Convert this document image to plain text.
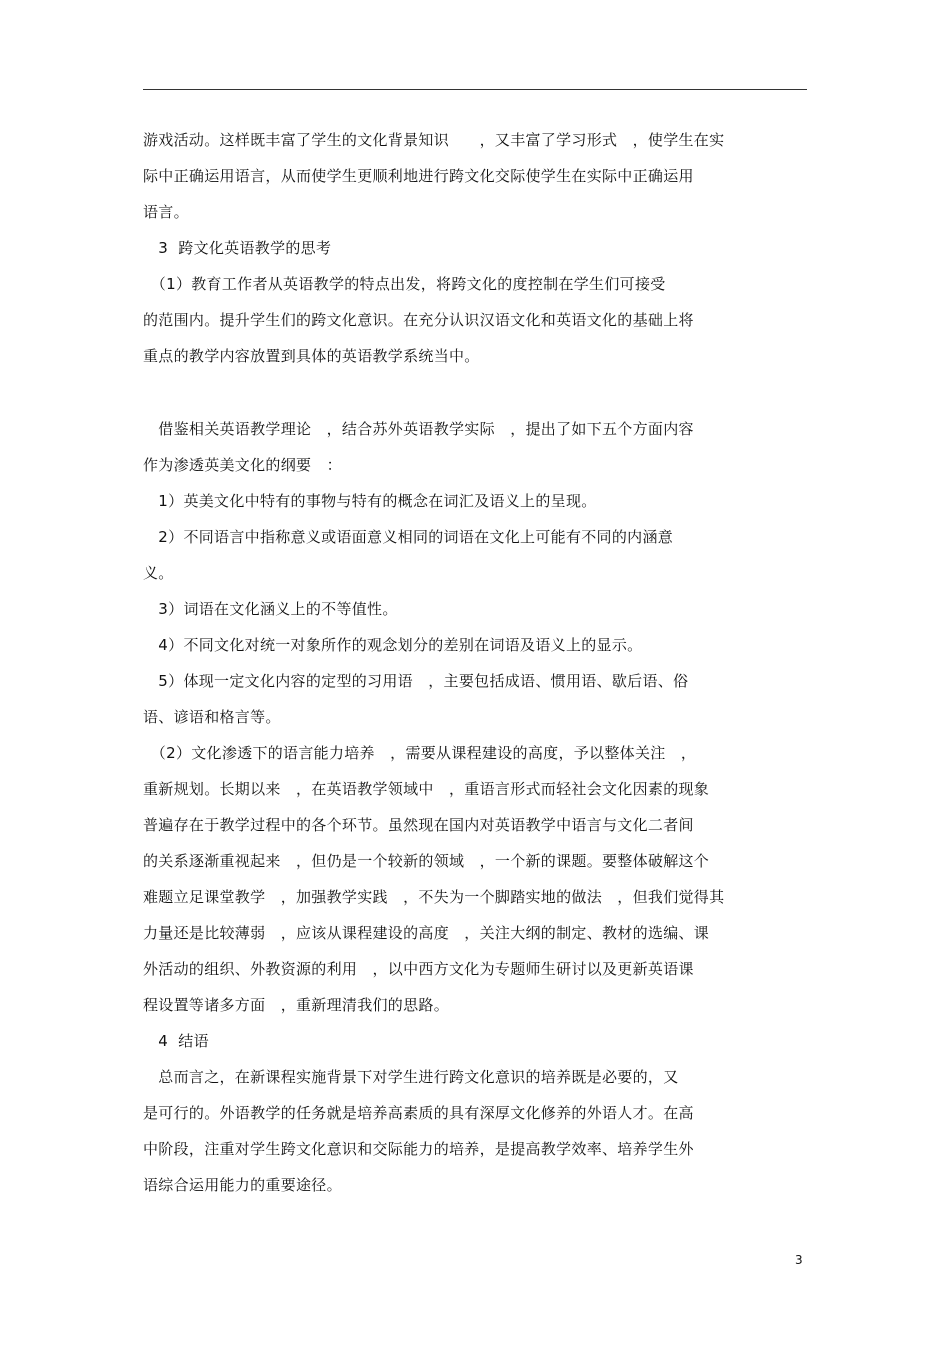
游戏活动。这样既丰富了学生的文化背景知识　　，又丰富了学习形式　，使学生在实
际中正确运用语言，从而使学生更顺利地进行跨文化交际使学生在实际中正确运用
语言。
　3  跨文化英语教学的思考
　（1）教育工作者从英语教学的特点出发，将跨文化的度控制在学生们可接受
的范围内。提升学生们的跨文化意识。在充分认识汉语文化和英语文化的基础上将
重点的教学内容放置到具体的英语教学系统当中。
　借鉴相关英语教学理论　，结合苏外英语教学实际　，提出了如下五个方面内容
作为渗透英美文化的纲要　：
　1）英美文化中特有的事物与特有的概念在词汇及语义上的呈现。
　2）不同语言中指称意义或语面意义相同的词语在文化上可能有不同的内涵意
义。
　3）词语在文化涵义上的不等值性。
　4）不同文化对统一对象所作的观念划分的差别在词语及语义上的显示。
　5）体现一定文化内容的定型的习用语　，主要包括成语、惯用语、歇后语、俗
语、谚语和格言等。
　（2）文化渗透下的语言能力培养　，需要从课程建设的高度，予以整体关注　，
重新规划。长期以来　，在英语教学领域中　，重语言形式而轻社会文化因素的现象
普遍存在于教学过程中的各个环节。虽然现在国内对英语教学中语言与文化二者间
的关系逐渐重视起来　，但仍是一个较新的领域　，一个新的课题。要整体破解这个
难题立足课堂教学　，加强教学实践　，不失为一个脚踏实地的做法　，但我们觉得其
力量还是比较薄弱　，应该从课程建设的高度　，关注大纲的制定、教材的选编、课
外活动的组织、外教资源的利用　，以中西方文化为专题师生研讨以及更新英语课
程设置等诸多方面　，重新理清我们的思路。
　4  结语
　总而言之，在新课程实施背景下对学生进行跨文化意识的培养既是必要的，又
是可行的。外语教学的任务就是培养高素质的具有深厚文化修养的外语人才。在高
中阶段，注重对学生跨文化意识和交际能力的培养，是提高教学效率、培养学生外
语综合运用能力的重要途径。
3
